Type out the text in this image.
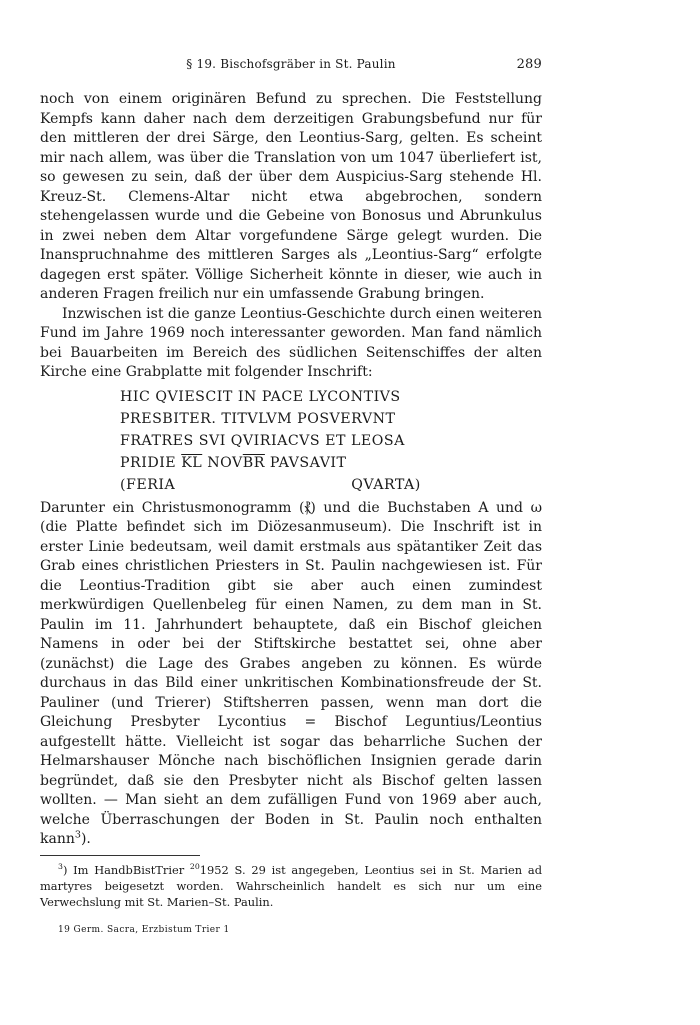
§ 19. Bischofsgräber in St. Paulin	289

noch von einem originären Befund zu sprechen. Die Feststellung Kempfs kann daher nach dem derzeitigen Grabungsbefund nur für den mittleren der drei Särge, den Leontius-Sarg, gelten. Es scheint mir nach allem, was über die Translation von um 1047 überliefert ist, so gewesen zu sein, daß der über dem Auspicius-Sarg stehende Hl. Kreuz-St. Clemens-Altar nicht etwa abgebrochen, sondern stehengelassen wurde und die Gebeine von Bonosus und Abrunkulus in zwei neben dem Altar vorgefundene Särge gelegt wurden. Die Inanspruchnahme des mittleren Sarges als „Leontius-Sarg“ erfolgte dagegen erst später. Völlige Sicherheit könnte in dieser, wie auch in anderen Fragen freilich nur ein umfassende Grabung bringen.

Inzwischen ist die ganze Leontius-Geschichte durch einen weiteren Fund im Jahre 1969 noch interessanter geworden. Man fand nämlich bei Bauarbeiten im Bereich des südlichen Seitenschiffes der alten Kirche eine Grabplatte mit folgender Inschrift:

HIC QVIESCIT IN PACE LYCONTIVS
PRESBITER. TITVLVM POSVERVNT
FRATRES SVI QVIRIACVS ET LEOSA
PRIDIE $\overline{KL}$ $NOV\overline{BR}$ PAVSAVIT
(FERIA	QVARTA)

Darunter ein Christusmonogramm (⳩) und die Buchstaben A und ω (die Platte befindet sich im Diözesanmuseum). Die Inschrift ist in erster Linie bedeutsam, weil damit erstmals aus spätantiker Zeit das Grab eines christlichen Priesters in St. Paulin nachgewiesen ist. Für die Leontius-Tradition gibt sie aber auch einen zumindest merkwürdigen Quellenbeleg für einen Namen, zu dem man in St. Paulin im 11. Jahrhundert behauptete, daß ein Bischof gleichen Namens in oder bei der Stiftskirche bestattet sei, ohne aber (zunächst) die Lage des Grabes angeben zu können. Es würde durchaus in das Bild einer unkritischen Kombinationsfreude der St. Pauliner (und Trierer) Stiftsherren passen, wenn man dort die Gleichung Presbyter Lycontius = Bischof Leguntius/Leontius aufgestellt hätte. Vielleicht ist sogar das beharrliche Suchen der Helmarshauser Mönche nach bischöflichen Insignien gerade darin begründet, daß sie den Presbyter nicht als Bischof gelten lassen wollten. — Man sieht an dem zufälligen Fund von 1969 aber auch, welche Überraschungen der Boden in St. Paulin noch enthalten kann$^3$).

$^3$) Im HandbBistTrier $^{20}$1952 S. 29 ist angegeben, Leontius sei in St. Marien ad martyres beigesetzt worden. Wahrscheinlich handelt es sich nur um eine Verwechslung mit St. Marien–St. Paulin.
19 Germ. Sacra, Erzbistum Trier 1
